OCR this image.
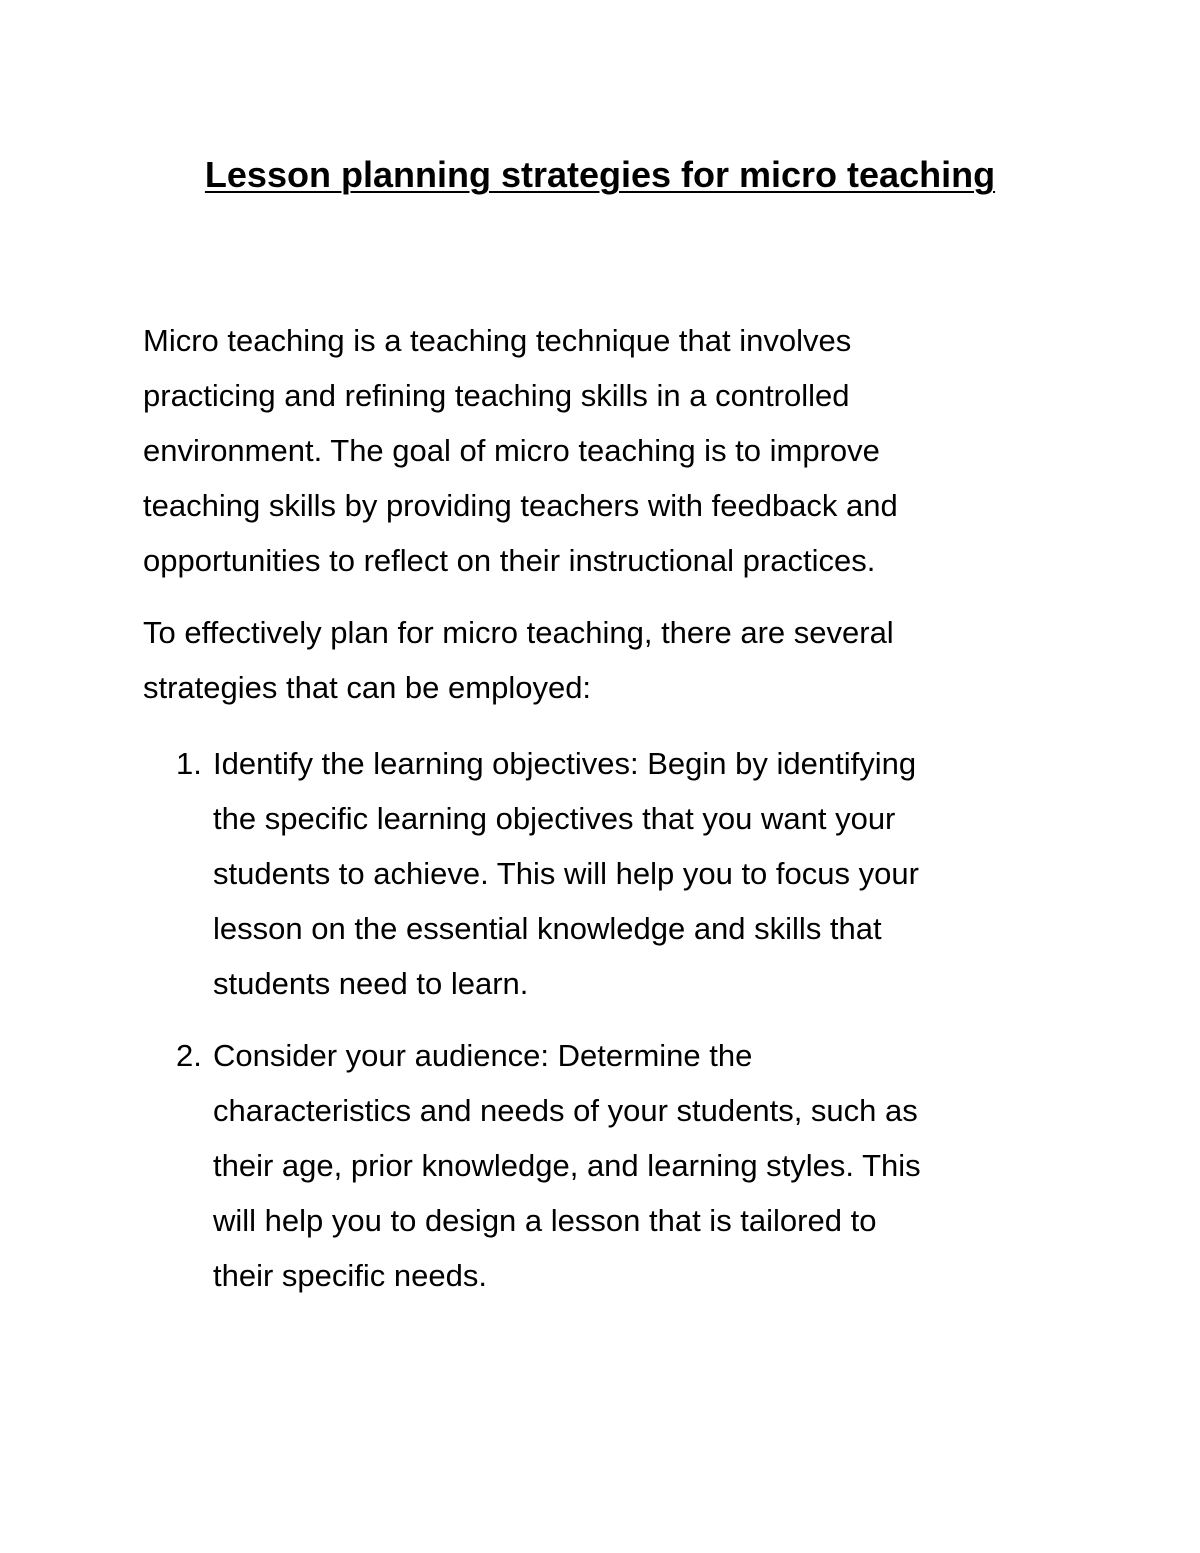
Lesson planning strategies for micro teaching

Micro teaching is a teaching technique that involves
practicing and refining teaching skills in a controlled
environment. The goal of micro teaching is to improve
teaching skills by providing teachers with feedback and
opportunities to reflect on their instructional practices.

To effectively plan for micro teaching, there are several
strategies that can be employed:

1. Identify the learning objectives: Begin by identifying
the specific learning objectives that you want your
students to achieve. This will help you to focus your
lesson on the essential knowledge and skills that
students need to learn.
2. Consider your audience: Determine the
characteristics and needs of your students, such as
their age, prior knowledge, and learning styles. This
will help you to design a lesson that is tailored to
their specific needs.
